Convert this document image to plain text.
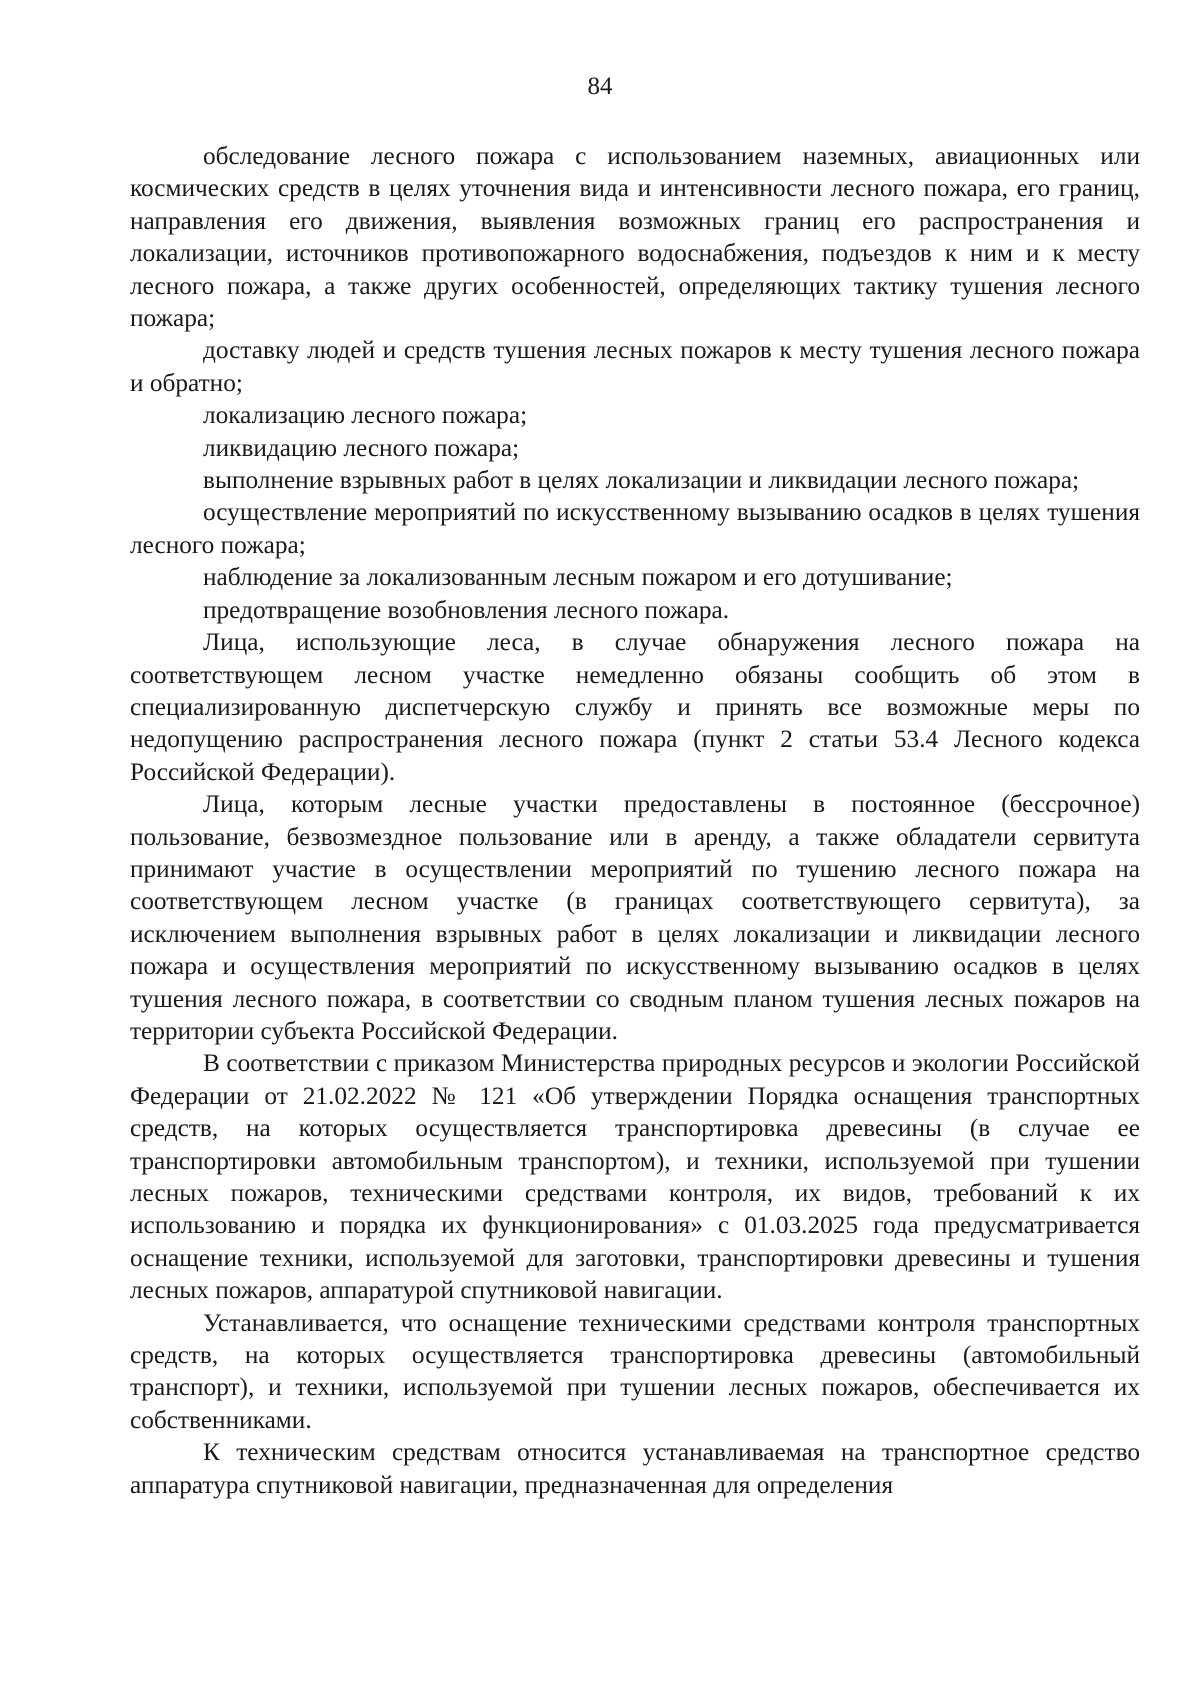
84

обследование лесного пожара с использованием наземных, авиационных или космических средств в целях уточнения вида и интенсивности лесного пожара, его границ, направления его движения, выявления возможных границ его распространения и локализации, источников противопожарного водоснабжения, подъездов к ним и к месту лесного пожара, а также других особенностей, определяющих тактику тушения лесного пожара;

доставку людей и средств тушения лесных пожаров к месту тушения лесного пожара и обратно;

локализацию лесного пожара;

ликвидацию лесного пожара;

выполнение взрывных работ в целях локализации и ликвидации лесного пожара;

осуществление мероприятий по искусственному вызыванию осадков в целях тушения лесного пожара;

наблюдение за локализованным лесным пожаром и его дотушивание;

предотвращение возобновления лесного пожара.

Лица, использующие леса, в случае обнаружения лесного пожара на соответствующем лесном участке немедленно обязаны сообщить об этом в специализированную диспетчерскую службу и принять все возможные меры по недопущению распространения лесного пожара (пункт 2 статьи 53.4 Лесного кодекса Российской Федерации).

Лица, которым лесные участки предоставлены в постоянное (бессрочное) пользование, безвозмездное пользование или в аренду, а также обладатели сервитута принимают участие в осуществлении мероприятий по тушению лесного пожара на соответствующем лесном участке (в границах соответствующего сервитута), за исключением выполнения взрывных работ в целях локализации и ликвидации лесного пожара и осуществления мероприятий по искусственному вызыванию осадков в целях тушения лесного пожара, в соответствии со сводным планом тушения лесных пожаров на территории субъекта Российской Федерации.

В соответствии с приказом Министерства природных ресурсов и экологии Российской Федерации от 21.02.2022 № 121 «Об утверждении Порядка оснащения транспортных средств, на которых осуществляется транспортировка древесины (в случае ее транспортировки автомобильным транспортом), и техники, используемой при тушении лесных пожаров, техническими средствами контроля, их видов, требований к их использованию и порядка их функционирования» с 01.03.2025 года предусматривается оснащение техники, используемой для заготовки, транспортировки древесины и тушения лесных пожаров, аппаратурой спутниковой навигации.

Устанавливается, что оснащение техническими средствами контроля транспортных средств, на которых осуществляется транспортировка древесины (автомобильный транспорт), и техники, используемой при тушении лесных пожаров, обеспечивается их собственниками.

К техническим средствам относится устанавливаемая на транспортное средство аппаратура спутниковой навигации, предназначенная для определения
